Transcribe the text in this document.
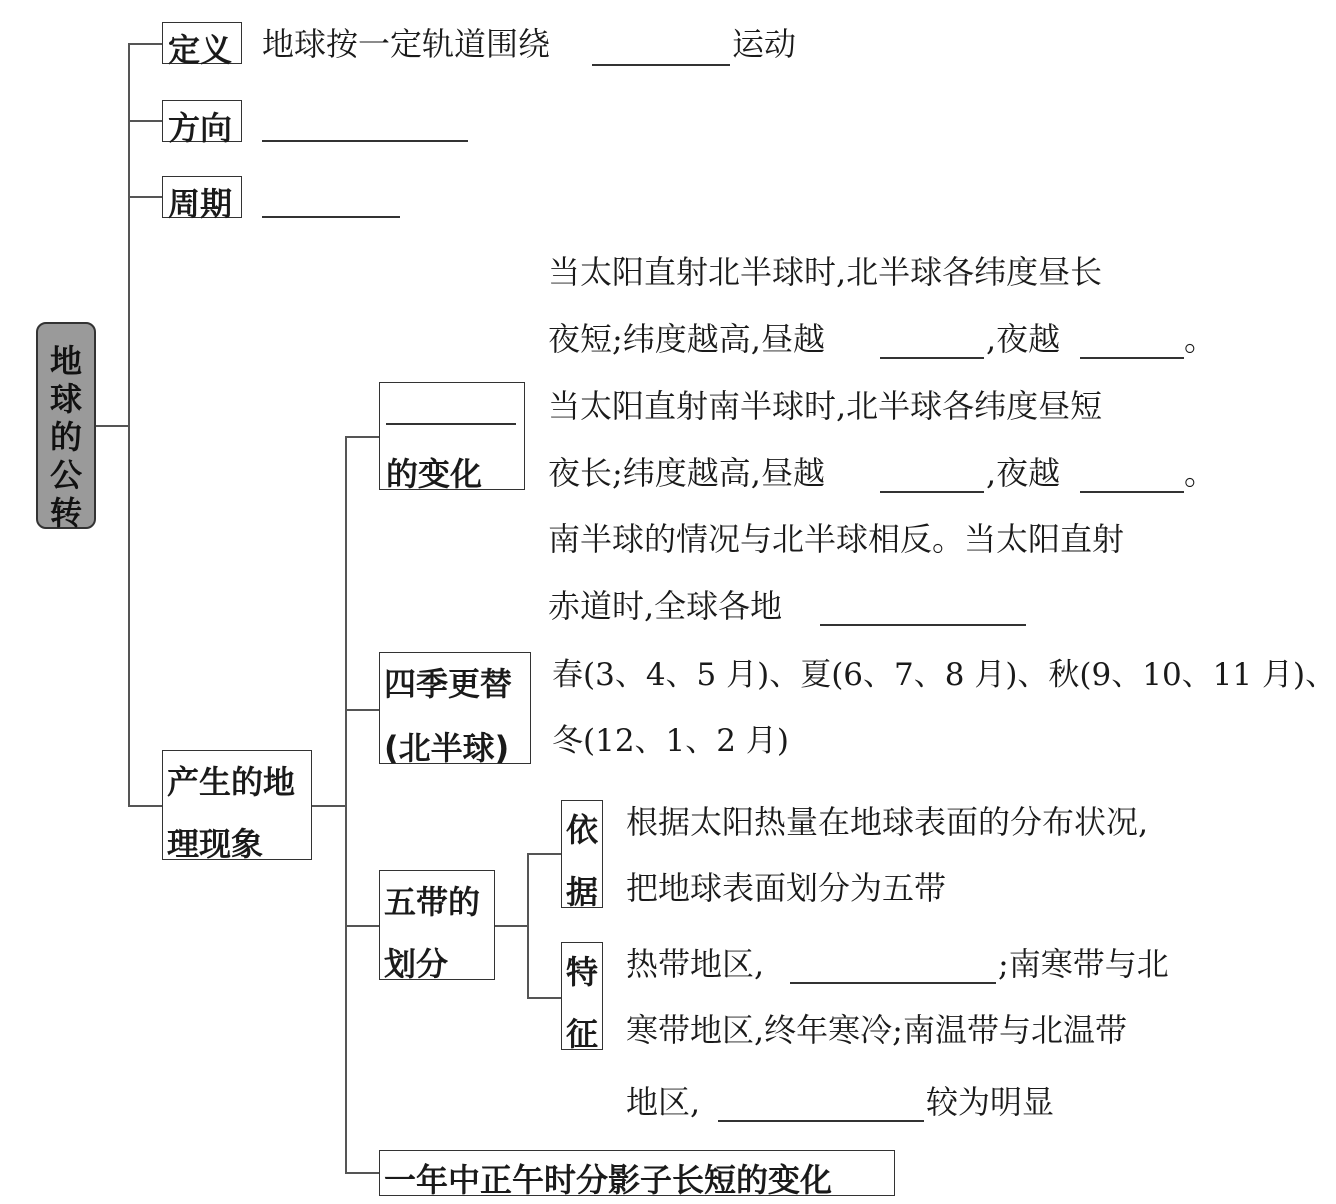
地
球
的
公
转
定义 地球按一定轨道围绕	运动
方向
周期
产生的地
理现象
的变化
当太阳直射北半球时,北半球各纬度昼长
夜短;纬度越高,昼越	,夜越	。
当太阳直射南半球时,北半球各纬度昼短
夜长;纬度越高,昼越	,夜越	。
南半球的情况与北半球相反。当太阳直射
赤道时,全球各地
四季更替
(北半球)
春(3、4、5 月)、夏(6、7、8 月)、秋(9、10、11 月)、
冬(12、1、2 月)
五带的
划分
依
据
根据太阳热量在地球表面的分布状况,
把地球表面划分为五带
特
征
热带地区,	;南寒带与北
寒带地区,终年寒冷;南温带与北温带
地区,	较为明显
一年中正午时分影子长短的变化
